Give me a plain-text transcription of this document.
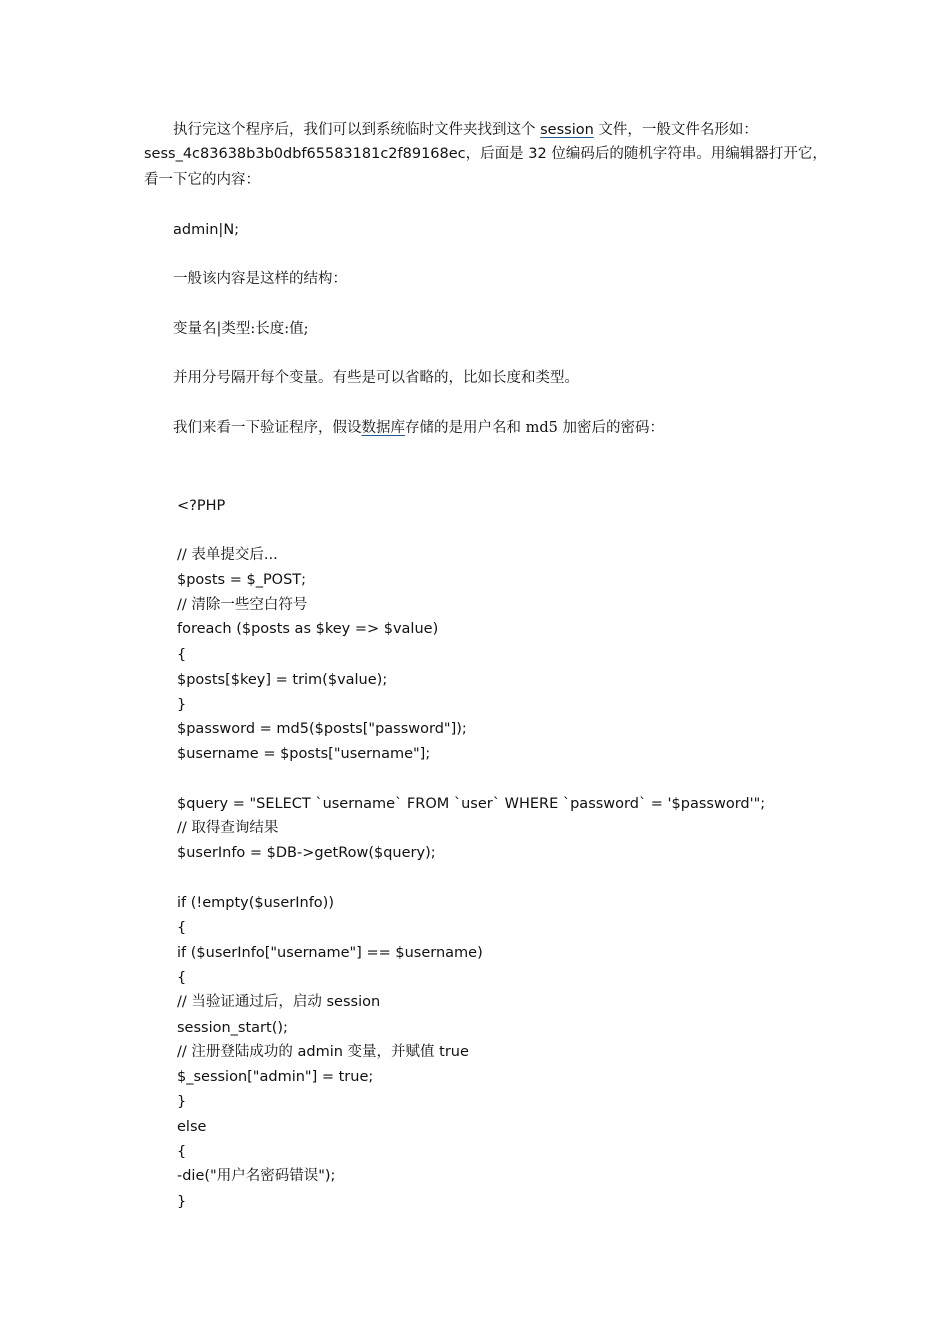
执行完这个程序后，我们可以到系统临时文件夹找到这个 session 文件，一般文件名形如：
sess_4c83638b3b0dbf65583181c2f89168ec，后面是 32 位编码后的随机字符串。用编辑器打开它，
看一下它的内容：
admin|N;
一般该内容是这样的结构：
变量名|类型:长度:值;
并用分号隔开每个变量。有些是可以省略的，比如长度和类型。
我们来看一下验证程序，假设数据库存储的是用户名和 md5 加密后的密码：
<?PHP
// 表单提交后...
$posts = $_POST;
// 清除一些空白符号
foreach ($posts as $key => $value)
{
$posts[$key] = trim($value);
}
$password = md5($posts["password"]);
$username = $posts["username"];
$query = "SELECT `username` FROM `user` WHERE `password` = '$password'";
// 取得查询结果
$userInfo = $DB->getRow($query);
if (!empty($userInfo))
{
if ($userInfo["username"] == $username)
{
// 当验证通过后，启动 session
session_start();
// 注册登陆成功的 admin 变量，并赋值 true
$_session["admin"] = true;
}
else
{
-die("用户名密码错误");
}
